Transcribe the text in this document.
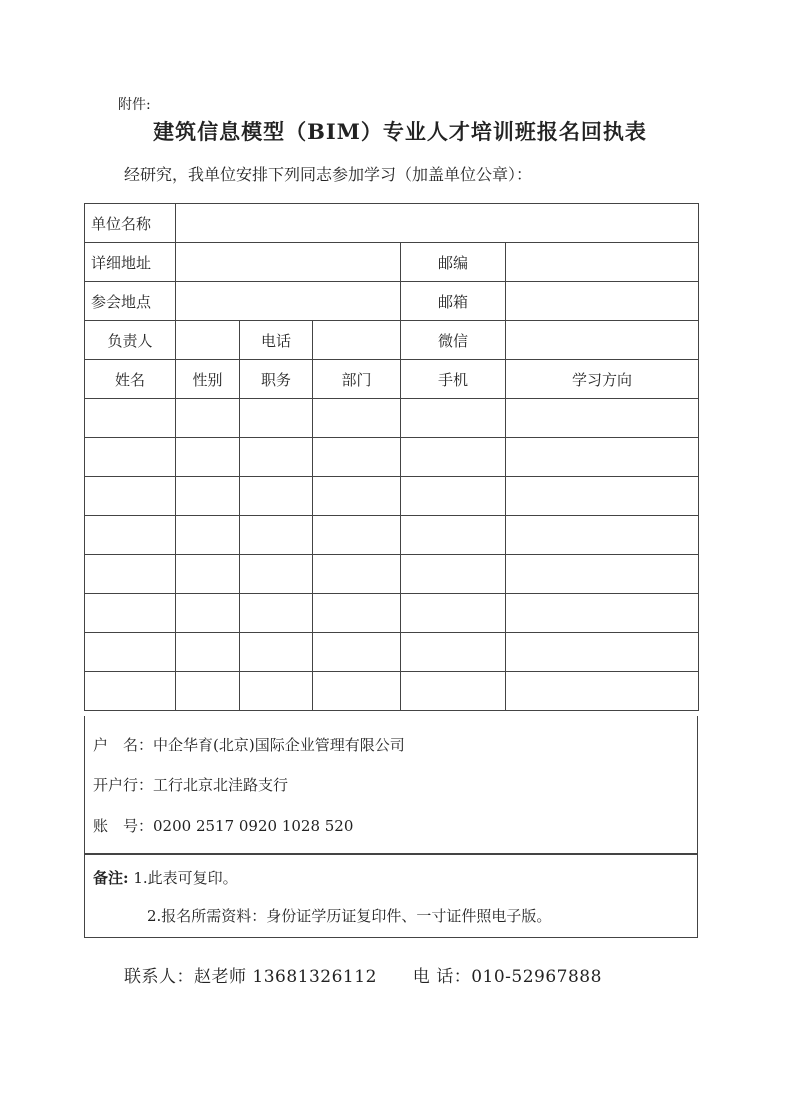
附件:
建筑信息模型（BIM）专业人才培训班报名回执表
经研究，我单位安排下列同志参加学习（加盖单位公章）：
单位名称					
详细地址				邮编	
参会地点				邮箱	
负责人		电话		微信	
姓名	性别	职务	部门	手机	学习方向

户　名：中企华育(北京)国际企业管理有限公司
开户行：工行北京北洼路支行
账　号：0200 2517 0920 1028 520
备注: 1.此表可复印。
2.报名所需资料：身份证学历证复印件、一寸证件照电子版。
联系人：赵老师 13681326112 电 话：010-52967888
